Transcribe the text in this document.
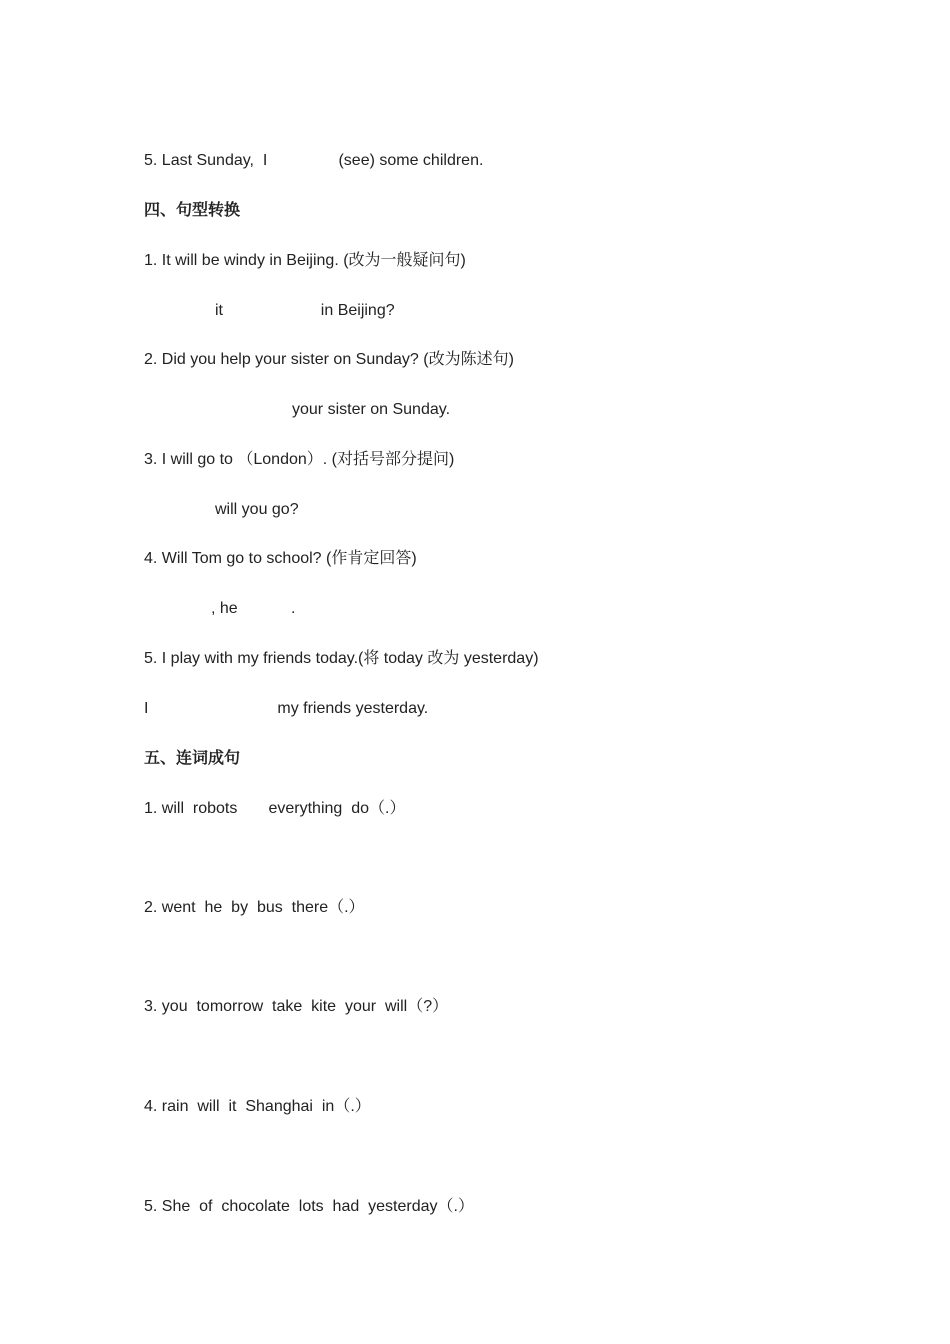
5. Last Sunday,  I                (see) some children.
四、句型转换
1. It will be windy in Beijing. (改为一般疑问句)
it                      in Beijing?
2. Did you help your sister on Sunday? (改为陈述句)
your sister on Sunday.
3. I will go to （London）. (对括号部分提问)
will you go?
4. Will Tom go to school? (作肯定回答)
, he            .
5. I play with my friends today.(将 today 改为 yesterday)
I                             my friends yesterday.
五、连词成句
1. will  robots       everything  do（.）
2. went  he  by  bus  there（.）
3. you  tomorrow  take  kite  your  will（?）
4. rain  will  it  Shanghai  in（.）
5. She  of  chocolate  lots  had  yesterday（.）
